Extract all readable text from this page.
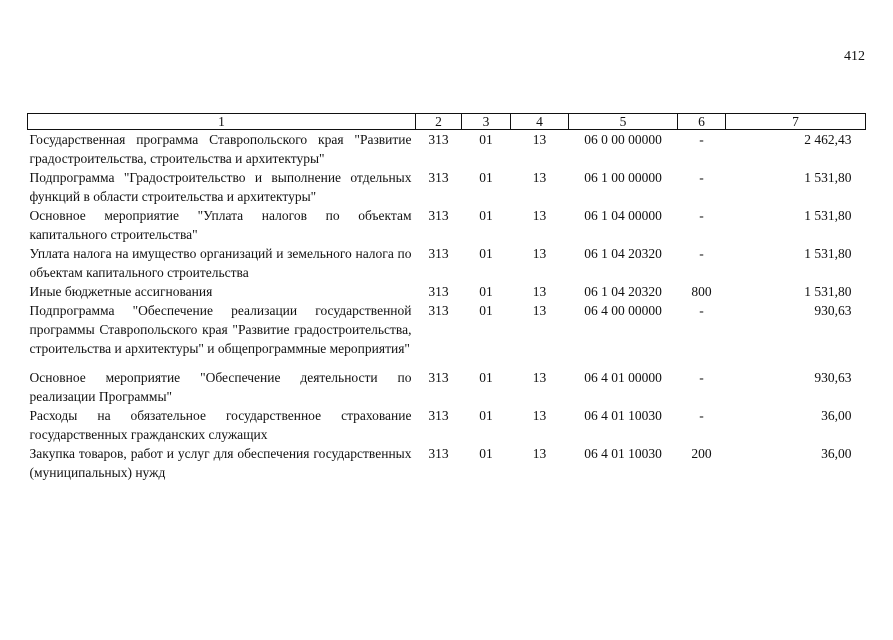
412
1	2	3	4	5	6	7
Государственная программа Ставропольского края "Развитие градостроительства, строительства и архитектуры"	313	01	13	06 0 00 00000	-	2 462,43
Подпрограмма "Градостроительство и выполнение отдельных функций в области строительства и архитектуры"	313	01	13	06 1 00 00000	-	1 531,80
Основное мероприятие "Уплата налогов по объектам капитального строительства"	313	01	13	06 1 04 00000	-	1 531,80
Уплата налога на имущество организаций и земельного налога по объектам капитального строительства	313	01	13	06 1 04 20320	-	1 531,80
Иные бюджетные ассигнования	313	01	13	06 1 04 20320	800	1 531,80
Подпрограмма "Обеспечение реализации государственной программы Ставропольского края "Развитие градостроительства, строительства и архитектуры" и общепрограммные мероприятия"	313	01	13	06 4 00 00000	-	930,63
Основное мероприятие "Обеспечение деятельности по реализации Программы"	313	01	13	06 4 01 00000	-	930,63
Расходы на обязательное государственное страхование государственных гражданских служащих	313	01	13	06 4 01 10030	-	36,00
Закупка товаров, работ и услуг для обеспечения государственных (муниципальных) нужд	313	01	13	06 4 01 10030	200	36,00
